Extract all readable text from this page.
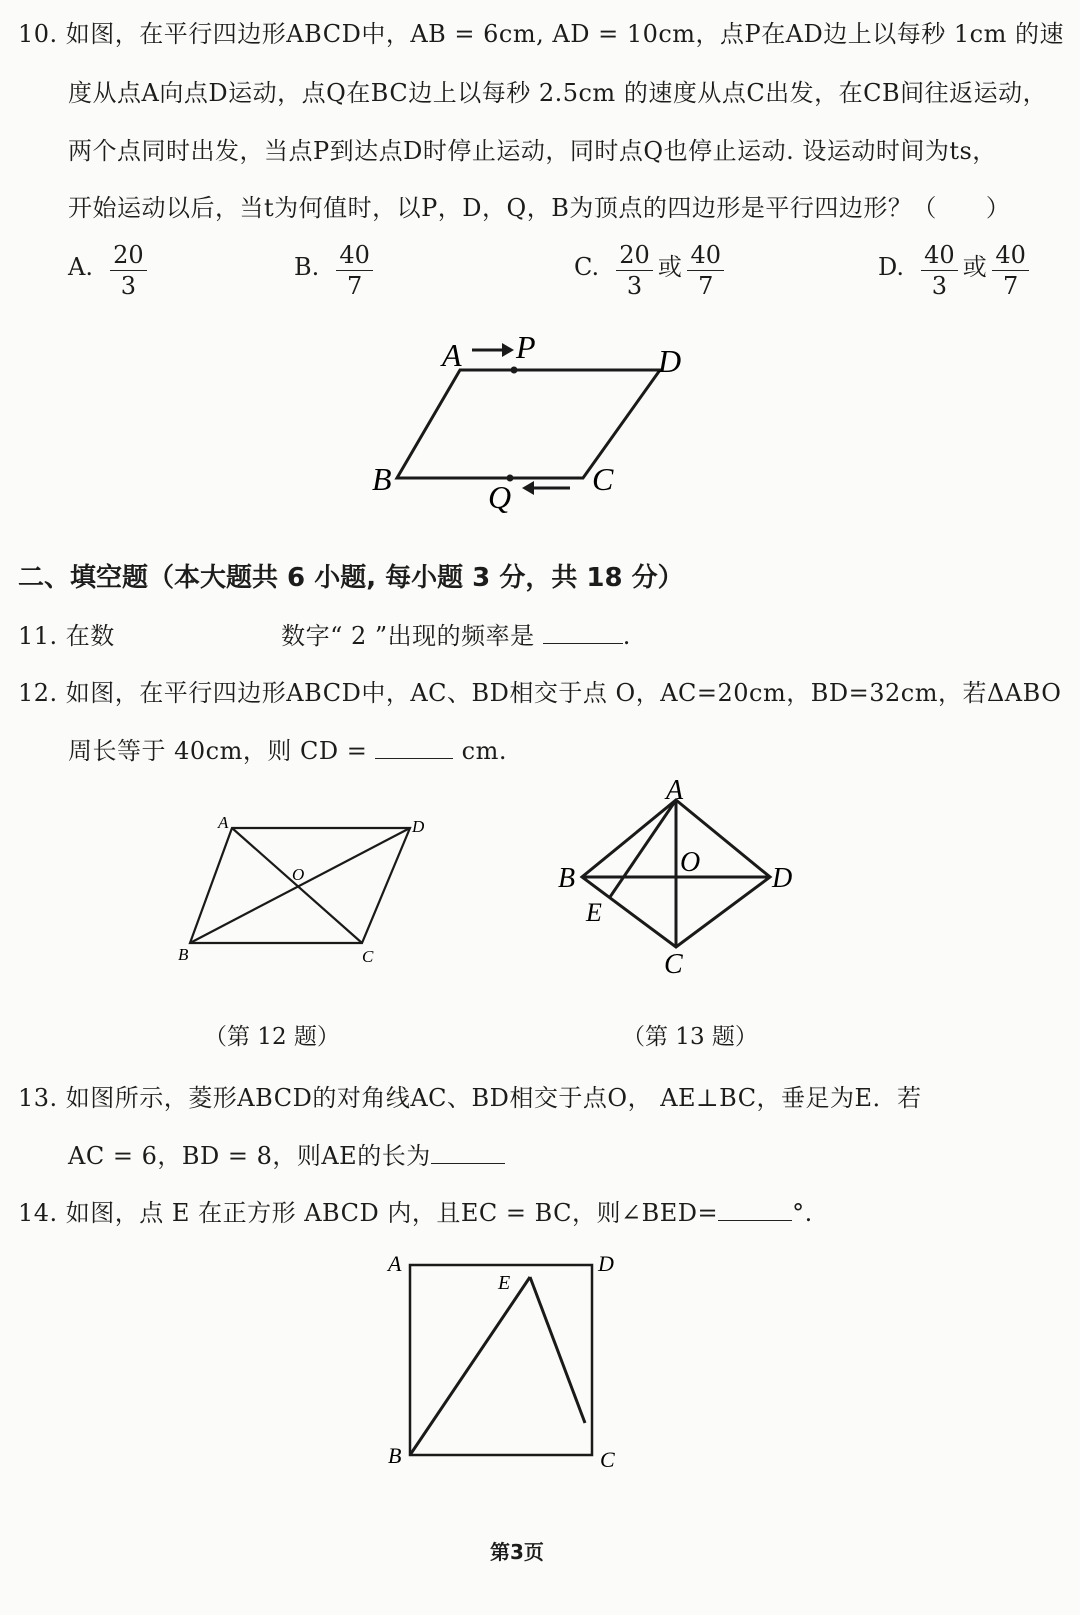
10. 如图，在平行四边形ABCD中，AB = 6cm, AD = 10cm，点P在AD边上以每秒 1cm 的速
度从点A向点D运动，点Q在BC边上以每秒 2.5cm 的速度从点C出发，在CB间往返运动，
两个点同时出发，当点P到达点D时停止运动，同时点Q也停止运动. 设运动时间为ts，
开始运动以后，当t为何值时，以P，D，Q，B为顶点的四边形是平行四边形？（　　）
A. $\frac{20}{3}$	B. $\frac{40}{7}$	C. $\frac{20}{3}$ 或 $\frac{40}{7}$	D. $\frac{40}{3}$ 或 $\frac{40}{7}$
A P	D
B	Q	C
二、填空题（本大题共 6 小题, 每小题 3 分，共 18 分）
11. 在数	数字“ 2 ”出现的频率是	.
12. 如图，在平行四边形ABCD中，AC、BD相交于点 O，AC=20cm，BD=32cm，若ΔABO
周长等于 40cm，则 CD =	cm.
A	D
O
B	C
A
B
O
D
E
C
（第 12 题）	（第 13 题）
13. 如图所示，菱形ABCD的对角线AC、BD相交于点O， AE⊥BC，垂足为E．若
AC = 6，BD = 8，则AE的长为
14. 如图，点 E 在正方形 ABCD 内，且EC = BC，则∠BED=	°.
A	D
E
B	C
第3页
